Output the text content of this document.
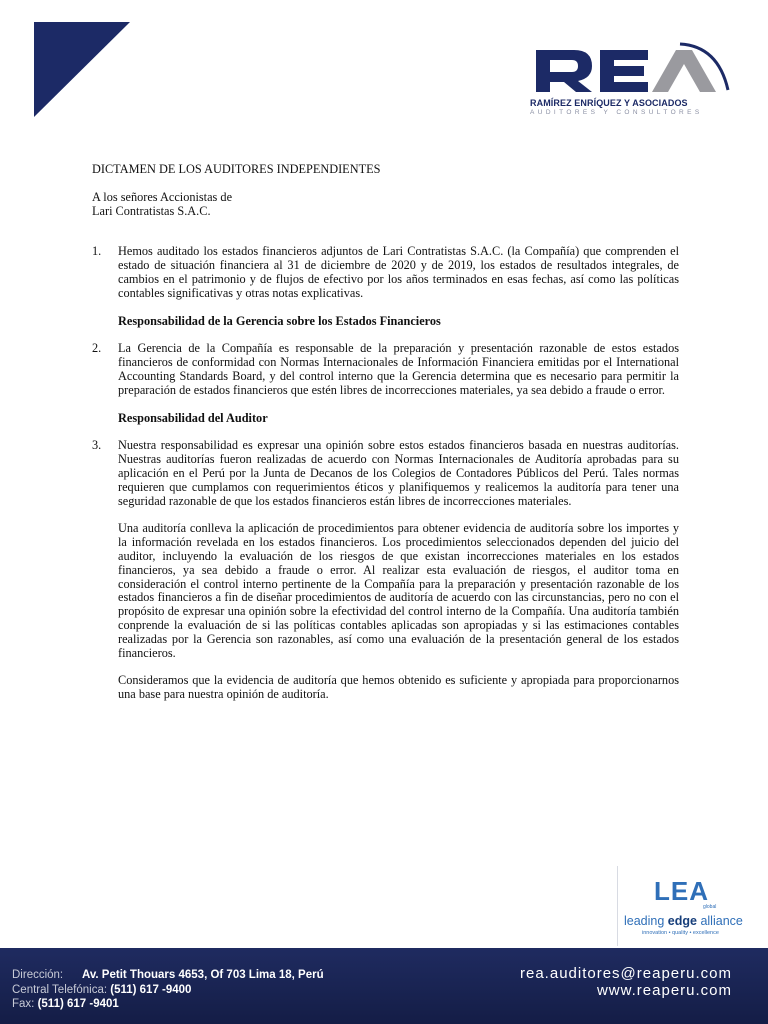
RAMÍREZ ENRÍQUEZ Y ASOCIADOS
AUDITORES Y CONSULTORES
DICTAMEN DE LOS AUDITORES INDEPENDIENTES
A los señores Accionistas de
Lari Contratistas S.A.C.
1.	Hemos auditado los estados financieros adjuntos de Lari Contratistas S.A.C. (la Compañía) que comprenden el estado de situación financiera al 31 de diciembre de 2020 y de 2019, los estados de resultados integrales, de cambios en el patrimonio y de flujos de efectivo por los años terminados en esas fechas, así como las políticas contables significativas y otras notas explicativas.
Responsabilidad de la Gerencia sobre los Estados Financieros
2.	La Gerencia de la Compañía es responsable de la preparación y presentación razonable de estos estados financieros de conformidad con Normas Internacionales de Información Financiera emitidas por el International Accounting Standards Board, y del control interno que la Gerencia determina que es necesario para permitir la preparación de estados financieros que estén libres de incorrecciones materiales, ya sea debido a fraude o error.
Responsabilidad del Auditor
3.	Nuestra responsabilidad es expresar una opinión sobre estos estados financieros basada en nuestras auditorías. Nuestras auditorías fueron realizadas de acuerdo con Normas Internacionales de Auditoría aprobadas para su aplicación en el Perú por la Junta de Decanos de los Colegios de Contadores Públicos del Perú. Tales normas requieren que cumplamos con requerimientos éticos y planifiquemos y realicemos la auditoría para tener una seguridad razonable de que los estados financieros están libres de incorrecciones materiales.
Una auditoría conlleva la aplicación de procedimientos para obtener evidencia de auditoría sobre los importes y la información revelada en los estados financieros. Los procedimientos seleccionados dependen del juicio del auditor, incluyendo la evaluación de los riesgos de que existan incorrecciones materiales en los estados financieros, ya sea debido a fraude o error. Al realizar esta evaluación de riesgos, el auditor toma en consideración el control interno pertinente de la Compañía para la preparación y presentación razonable de los estados financieros a fin de diseñar procedimientos de auditoría de acuerdo con las circunstancias, pero no con el propósito de expresar una opinión sobre la efectividad del control interno de la Compañía. Una auditoría también conprende la evaluación de si las políticas contables aplicadas son apropiadas y si las estimaciones contables realizadas por la Gerencia son razonables, así como una evaluación de la presentación general de los estados financieros.
Consideramos que la evidencia de auditoría que hemos obtenido es suficiente y apropiada para proporcionarnos una base para nuestra opinión de auditoría.
LEA
global
leading edge alliance
innovation • quality • excellence
Dirección: Av. Petit Thouars 4653, Of 703 Lima 18, Perú
Central Telefónica: (511) 617 -9400
Fax: (511) 617 -9401
rea.auditores@reaperu.com
www.reaperu.com
